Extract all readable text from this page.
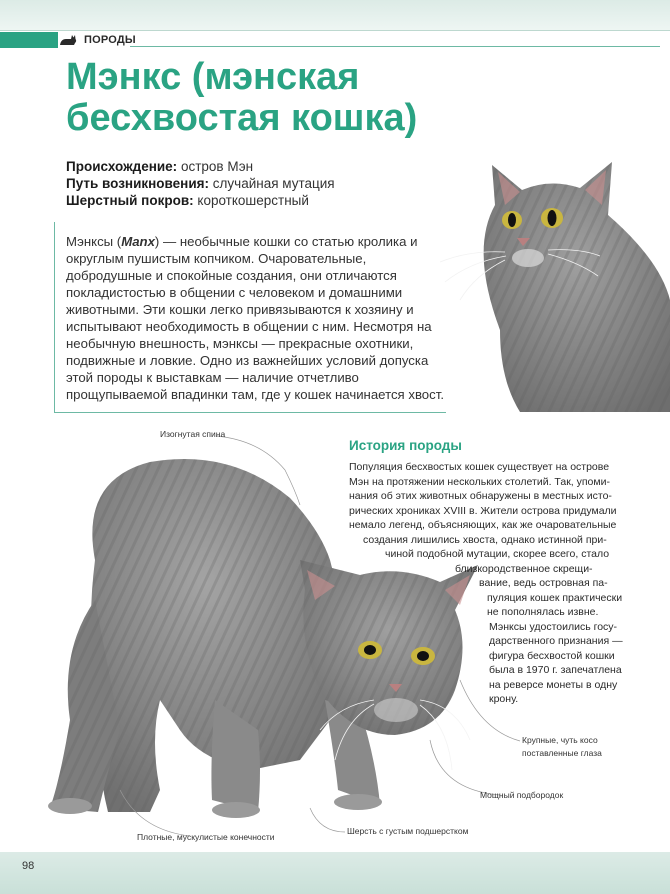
ПОРОДЫ
Мэнкс (мэнская бесхвостая кошка)
Происхождение: остров Мэн
Путь возникновения: случайная мутация
Шерстный покров: короткошерстный

Мэнксы (Manx) — необычные кошки со статью кролика и округлым пушистым копчиком. Очаровательные, добродушные и спокойные создания, они отличаются покладистостью в общении с человеком и домашними животными. Эти кошки легко привязываются к хозяину и испытывают необходимость в общении с ним. Несмотря на необычную внешность, мэнксы — прекрасные охотники, подвижные и ловкие. Одно из важнейших условий допуска этой породы к выставкам — наличие отчетливо прощупываемой впадинки там, где у кошек начинается хвост.

Изогнутая спина
Крупные, чуть косо
поставленные глаза
Мощный подбородок
Шерсть с густым подшерстком
Плотные, мускулистые конечности
История породы
Популяция бесхвостых кошек существует на острове
Мэн на протяжении нескольких столетий. Так, упоми-
нания об этих животных обнаружены в местных исто-
рических хрониках XVIII в. Жители острова придумали
немало легенд, объясняющих, как же очаровательные
создания лишились хвоста, однако истинной при-
чиной подобной мутации, скорее всего, стало
близкородственное скрещи-
вание, ведь островная па-
пуляция кошек практически
не пополнялась извне.
Мэнксы удостоились госу-
дарственного признания —
фигура бесхвостой кошки
была в 1970 г. запечатлена
на реверсе монеты в одну
крону.
98
